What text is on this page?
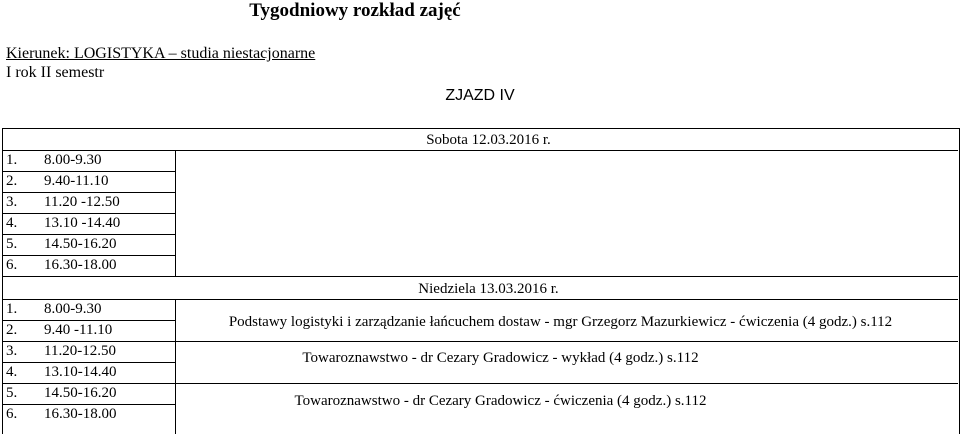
Tygodniowy rozkład zajęć
Kierunek: LOGISTYKA – studia niestacjonarne
I rok II semestr
ZJAZD IV
Sobota 12.03.2016 r.
1. 8.00-9.30
2. 9.40-11.10
3. 11.20 -12.50
4. 13.10 -14.40
5. 14.50-16.20
6. 16.30-18.00
Niedziela 13.03.2016 r.
1. 8.00-9.30
2. 9.40 -11.10
3. 11.20-12.50
4. 13.10-14.40
5. 14.50-16.20
6. 16.30-18.00
Podstawy logistyki i zarządzanie łańcuchem dostaw - mgr Grzegorz Mazurkiewicz - ćwiczenia (4 godz.) s.112
Towaroznawstwo - dr Cezary Gradowicz - wykład (4 godz.) s.112
Towaroznawstwo - dr Cezary Gradowicz - ćwiczenia (4 godz.) s.112
